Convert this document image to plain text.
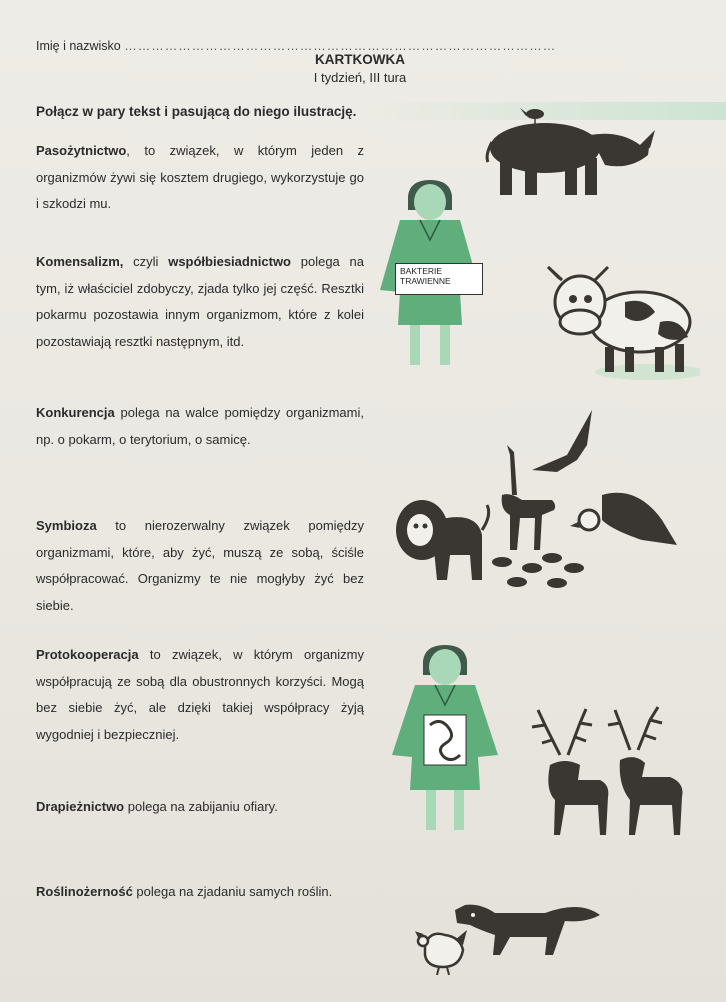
Imię i nazwisko ……………………………………………………………………………………
KARTKOWKA
I tydzień, III tura
Połącz w pary tekst i pasującą do niego ilustrację.
Pasożytnictwo, to związek, w którym jeden z organizmów żywi się kosztem drugiego, wykorzystuje go i szkodzi mu.
Komensalizm, czyli współbiesiadnictwo polega na tym, iż właściciel zdobyczy, zjada tylko jej część. Resztki pokarmu pozostawia innym organizmom, które z kolei pozostawiają resztki następnym, itd.
Konkurencja polega na walce pomiędzy organizmami, np. o pokarm, o terytorium, o samicę.
Symbioza to nierozerwalny związek pomiędzy organizmami, które, aby żyć, muszą ze sobą, ściśle współpracować. Organizmy te nie mogłyby żyć bez siebie.
Protokooperacja to związek, w którym organizmy współpracują ze sobą dla obustronnych korzyści. Mogą bez siebie żyć, ale dzięki takiej współpracy żyją wygodniej i bezpieczniej.
Drapieżnictwo polega na zabijaniu ofiary.
Roślinożerność polega na zjadaniu samych roślin.
BAKTERIE TRAWIENNE
